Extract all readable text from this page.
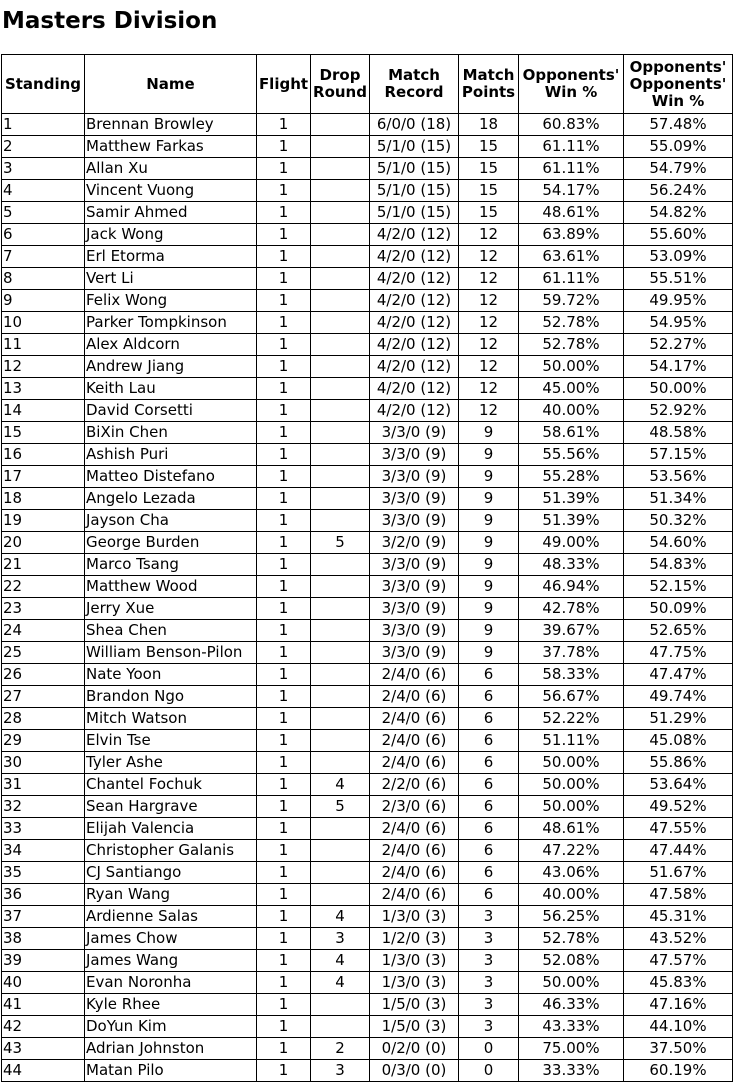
Masters Division
Standing	Name	Flight	Drop Round	Match Record	Match Points	Opponents' Win %	Opponents' Opponents' Win %
1	Brennan Browley	1		6/0/0 (18)	18	60.83%	57.48%
2	Matthew Farkas	1		5/1/0 (15)	15	61.11%	55.09%
3	Allan Xu	1		5/1/0 (15)	15	61.11%	54.79%
4	Vincent Vuong	1		5/1/0 (15)	15	54.17%	56.24%
5	Samir Ahmed	1		5/1/0 (15)	15	48.61%	54.82%
6	Jack Wong	1		4/2/0 (12)	12	63.89%	55.60%
7	Erl Etorma	1		4/2/0 (12)	12	63.61%	53.09%
8	Vert Li	1		4/2/0 (12)	12	61.11%	55.51%
9	Felix Wong	1		4/2/0 (12)	12	59.72%	49.95%
10	Parker Tompkinson	1		4/2/0 (12)	12	52.78%	54.95%
11	Alex Aldcorn	1		4/2/0 (12)	12	52.78%	52.27%
12	Andrew Jiang	1		4/2/0 (12)	12	50.00%	54.17%
13	Keith Lau	1		4/2/0 (12)	12	45.00%	50.00%
14	David Corsetti	1		4/2/0 (12)	12	40.00%	52.92%
15	BiXin Chen	1		3/3/0 (9)	9	58.61%	48.58%
16	Ashish Puri	1		3/3/0 (9)	9	55.56%	57.15%
17	Matteo Distefano	1		3/3/0 (9)	9	55.28%	53.56%
18	Angelo Lezada	1		3/3/0 (9)	9	51.39%	51.34%
19	Jayson Cha	1		3/3/0 (9)	9	51.39%	50.32%
20	George Burden	1	5	3/2/0 (9)	9	49.00%	54.60%
21	Marco Tsang	1		3/3/0 (9)	9	48.33%	54.83%
22	Matthew Wood	1		3/3/0 (9)	9	46.94%	52.15%
23	Jerry Xue	1		3/3/0 (9)	9	42.78%	50.09%
24	Shea Chen	1		3/3/0 (9)	9	39.67%	52.65%
25	William Benson-Pilon	1		3/3/0 (9)	9	37.78%	47.75%
26	Nate Yoon	1		2/4/0 (6)	6	58.33%	47.47%
27	Brandon Ngo	1		2/4/0 (6)	6	56.67%	49.74%
28	Mitch Watson	1		2/4/0 (6)	6	52.22%	51.29%
29	Elvin Tse	1		2/4/0 (6)	6	51.11%	45.08%
30	Tyler Ashe	1		2/4/0 (6)	6	50.00%	55.86%
31	Chantel Fochuk	1	4	2/2/0 (6)	6	50.00%	53.64%
32	Sean Hargrave	1	5	2/3/0 (6)	6	50.00%	49.52%
33	Elijah Valencia	1		2/4/0 (6)	6	48.61%	47.55%
34	Christopher Galanis	1		2/4/0 (6)	6	47.22%	47.44%
35	CJ Santiango	1		2/4/0 (6)	6	43.06%	51.67%
36	Ryan Wang	1		2/4/0 (6)	6	40.00%	47.58%
37	Ardienne Salas	1	4	1/3/0 (3)	3	56.25%	45.31%
38	James Chow	1	3	1/2/0 (3)	3	52.78%	43.52%
39	James Wang	1	4	1/3/0 (3)	3	52.08%	47.57%
40	Evan Noronha	1	4	1/3/0 (3)	3	50.00%	45.83%
41	Kyle Rhee	1		1/5/0 (3)	3	46.33%	47.16%
42	DoYun Kim	1		1/5/0 (3)	3	43.33%	44.10%
43	Adrian Johnston	1	2	0/2/0 (0)	0	75.00%	37.50%
44	Matan Pilo	1	3	0/3/0 (0)	0	33.33%	60.19%
